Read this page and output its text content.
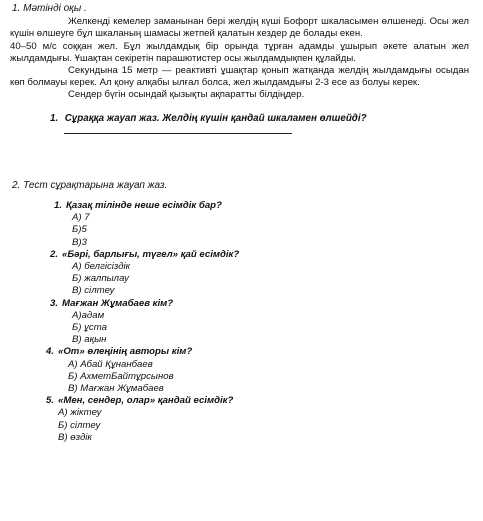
1. Мәтінді оқы .

Желкенді кемелер заманынан бері желдің күші Бофорт шкаласымен өлшенеді. Осы жел күшін өлшеуге бұл шкаланың шамасы жетпей қалатын кездер де болады екен.

40–50 м/с соққан жел. Бұл жылдамдық бір орында тұрған адамды ұшырып әкете алатын жел жылдамдығы. Ұшақтан секіретін парашютистер осы жылдамдықпен құлайды.

Секундына 15 метр — реактивті ұшақтар қонып жатқанда желдің жылдамдығы осыдан көп болмауы керек. Ал қону алқабы ылғал болса, жел жылдамдығы 2-3 есе аз болуы керек.

Сендер бүгін осындай қызықты ақпаратты білдіңдер.

1. Сұраққа жауап жаз. Желдің күшін қандай шкаламен өлшейді?
2. Тест сұрақтарына жауап жаз.
1. Қазақ тілінде неше есімдік бар?
А) 7
Б)5
В)3
2. «Бәрі, барлығы, түгел» қай есімдік?
А) белгісіздік
Б) жалпылау
В) сілтеу
3. Мағжан Жұмабаев кім?
А)адам
Б) ұста
В) ақын
4. «От» өлеңінің авторы кім?
А) Абай Құнанбаев
Б) АхметБайтұрсынов
В) Мағжан Жұмабаев
5. «Мен, сендер, олар» қандай есімдік?
А) жіктеу
Б) сілтеу
В) өздік
